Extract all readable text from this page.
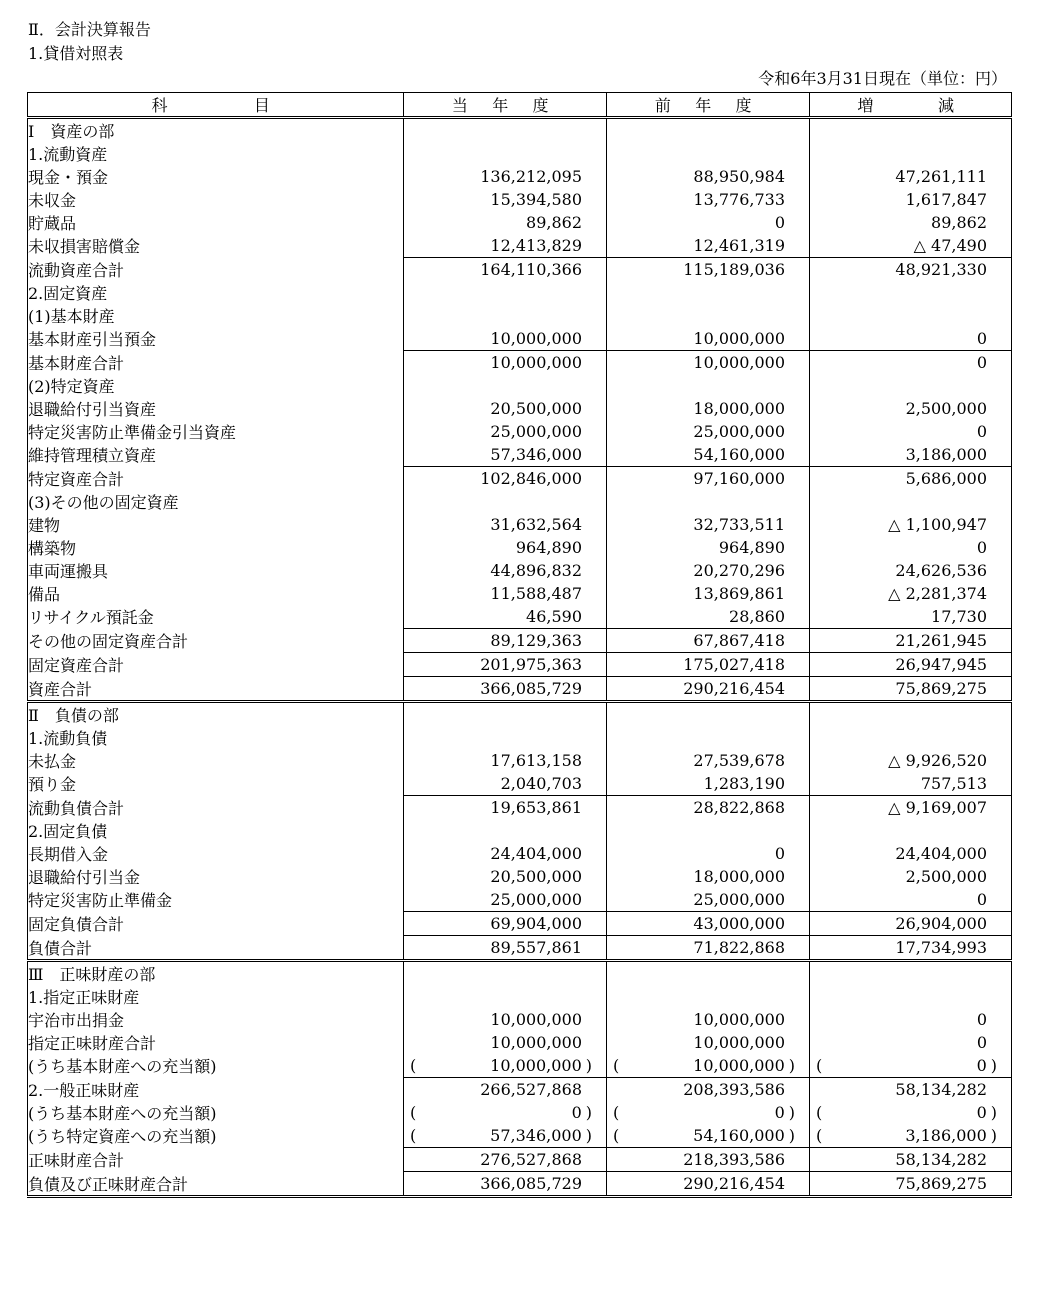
Ⅱ．会計決算報告
1.貸借対照表
令和6年3月31日現在（単位：円）
科　　　目	当 年 度	前 年 度	増 　 減
Ⅰ　資産の部			
1.流動資産			
現金・預金	136,212,095	88,950,984	47,261,111
未収金	15,394,580	13,776,733	1,617,847
貯蔵品	89,862	0	89,862
未収損害賠償金	12,413,829	12,461,319	△ 47,490
流動資産合計	164,110,366	115,189,036	48,921,330
2.固定資産			
(1)基本財産			
基本財産引当預金	10,000,000	10,000,000	0
基本財産合計	10,000,000	10,000,000	0
(2)特定資産			
退職給付引当資産	20,500,000	18,000,000	2,500,000
特定災害防止準備金引当資産	25,000,000	25,000,000	0
維持管理積立資産	57,346,000	54,160,000	3,186,000
特定資産合計	102,846,000	97,160,000	5,686,000
(3)その他の固定資産			
建物	31,632,564	32,733,511	△ 1,100,947
構築物	964,890	964,890	0
車両運搬具	44,896,832	20,270,296	24,626,536
備品	11,588,487	13,869,861	△ 2,281,374
リサイクル預託金	46,590	28,860	17,730
その他の固定資産合計	89,129,363	67,867,418	21,261,945
固定資産合計	201,975,363	175,027,418	26,947,945
資産合計	366,085,729	290,216,454	75,869,275
Ⅱ　負債の部			
1.流動負債			
未払金	17,613,158	27,539,678	△ 9,926,520
預り金	2,040,703	1,283,190	757,513
流動負債合計	19,653,861	28,822,868	△ 9,169,007
2.固定負債			
長期借入金	24,404,000	0	24,404,000
退職給付引当金	20,500,000	18,000,000	2,500,000
特定災害防止準備金	25,000,000	25,000,000	0
固定負債合計	69,904,000	43,000,000	26,904,000
負債合計	89,557,861	71,822,868	17,734,993
Ⅲ　正味財産の部			
1.指定正味財産			
宇治市出捐金	10,000,000	10,000,000	0
指定正味財産合計	10,000,000	10,000,000	0
(うち基本財産への充当額)	( 10,000,000 )	( 10,000,000 )	( 0 )
2.一般正味財産	266,527,868	208,393,586	58,134,282
(うち基本財産への充当額)	( 0 )	( 0 )	( 0 )
(うち特定資産への充当額)	( 57,346,000 )	( 54,160,000 )	( 3,186,000 )
正味財産合計	276,527,868	218,393,586	58,134,282
負債及び正味財産合計	366,085,729	290,216,454	75,869,275
